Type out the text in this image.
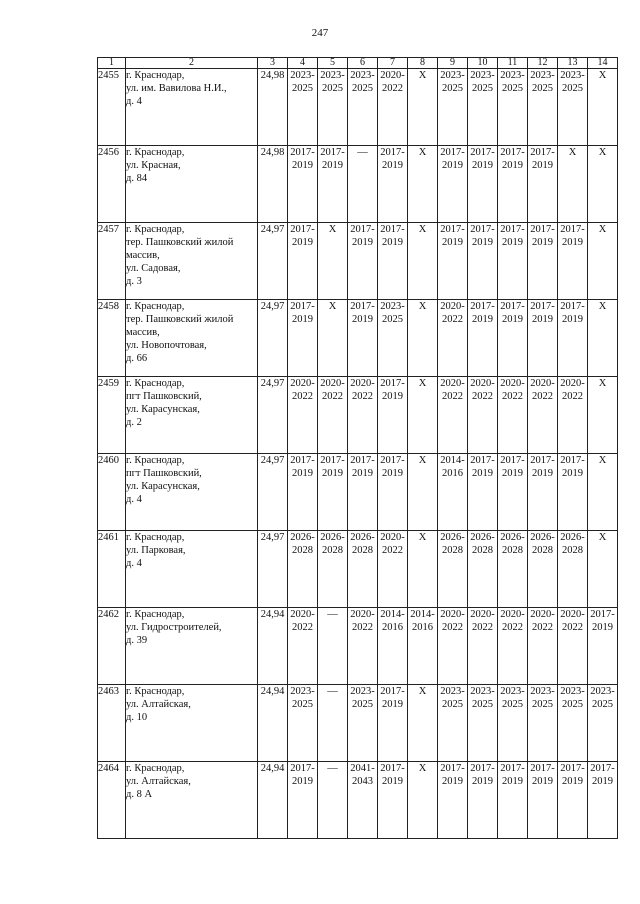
247
1	2	3	4	5	6	7	8	9	10	11	12	13	14
2455	г. Краснодар,
ул. им. Вавилова Н.И.,
д. 4	24,98	2023-
2025	2023-
2025	2023-
2025	2020-
2022	Х	2023-
2025	2023-
2025	2023-
2025	2023-
2025	2023-
2025	Х
2456	г. Краснодар,
ул. Красная,
д. 84	24,98	2017-
2019	2017-
2019	—	2017-
2019	Х	2017-
2019	2017-
2019	2017-
2019	2017-
2019	Х	Х
2457	г. Краснодар,
тер. Пашковский жилой
массив,
ул. Садовая,
д. 3	24,97	2017-
2019	Х	2017-
2019	2017-
2019	Х	2017-
2019	2017-
2019	2017-
2019	2017-
2019	2017-
2019	Х
2458	г. Краснодар,
тер. Пашковский жилой
массив,
ул. Новопочтовая,
д. 66	24,97	2017-
2019	Х	2017-
2019	2023-
2025	Х	2020-
2022	2017-
2019	2017-
2019	2017-
2019	2017-
2019	Х
2459	г. Краснодар,
пгт Пашковский,
ул. Карасунская,
д. 2	24,97	2020-
2022	2020-
2022	2020-
2022	2017-
2019	Х	2020-
2022	2020-
2022	2020-
2022	2020-
2022	2020-
2022	Х
2460	г. Краснодар,
пгт Пашковский,
ул. Карасунская,
д. 4	24,97	2017-
2019	2017-
2019	2017-
2019	2017-
2019	Х	2014-
2016	2017-
2019	2017-
2019	2017-
2019	2017-
2019	Х
2461	г. Краснодар,
ул. Парковая,
д. 4	24,97	2026-
2028	2026-
2028	2026-
2028	2020-
2022	Х	2026-
2028	2026-
2028	2026-
2028	2026-
2028	2026-
2028	Х
2462	г. Краснодар,
ул. Гидростроителей,
д. 39	24,94	2020-
2022	—	2020-
2022	2014-
2016	2014-
2016	2020-
2022	2020-
2022	2020-
2022	2020-
2022	2020-
2022	2017-
2019
2463	г. Краснодар,
ул. Алтайская,
д. 10	24,94	2023-
2025	—	2023-
2025	2017-
2019	Х	2023-
2025	2023-
2025	2023-
2025	2023-
2025	2023-
2025	2023-
2025
2464	г. Краснодар,
ул. Алтайская,
д. 8 А	24,94	2017-
2019	—	2041-
2043	2017-
2019	Х	2017-
2019	2017-
2019	2017-
2019	2017-
2019	2017-
2019	2017-
2019
